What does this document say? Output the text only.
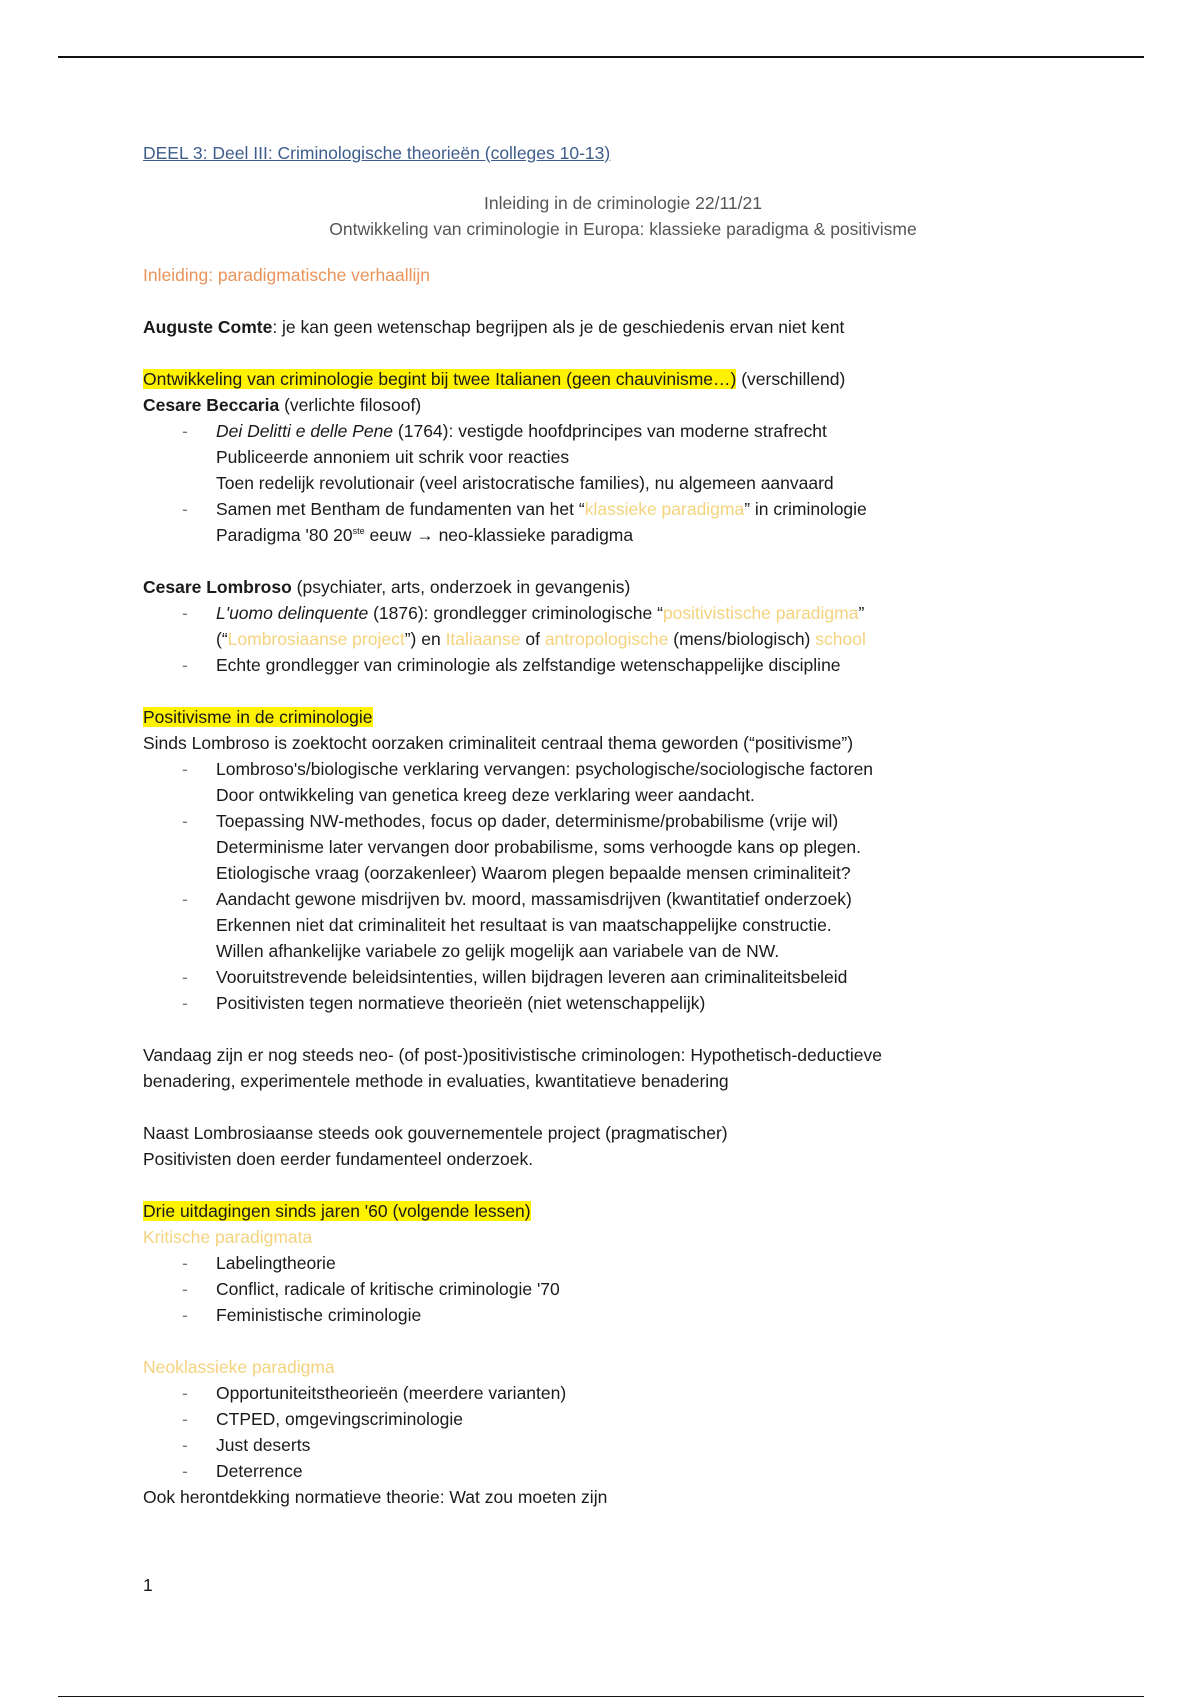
DEEL 3: Deel III: Criminologische theorieën (colleges 10-13)

Inleiding in de criminologie 22/11/21

Ontwikkeling van criminologie in Europa: klassieke paradigma & positivisme

Inleiding: paradigmatische verhaallijn

Auguste Comte: je kan geen wetenschap begrijpen als je de geschiedenis ervan niet kent

Ontwikkeling van criminologie begint bij twee Italianen (geen chauvinisme…) (verschillend)

Cesare Beccaria (verlichte filosoof)

- Dei Delitti e delle Pene (1764): vestigde hoofdprincipes van moderne strafrecht
Publiceerde annoniem uit schrik voor reacties
Toen redelijk revolutionair (veel aristocratische families), nu algemeen aanvaard
- Samen met Bentham de fundamenten van het “klassieke paradigma” in criminologie
Paradigma '80 20ste eeuw → neo-klassieke paradigma

Cesare Lombroso (psychiater, arts, onderzoek in gevangenis)

- L'uomo delinquente (1876): grondlegger criminologische “positivistische paradigma”
(“Lombrosiaanse project”) en Italiaanse of antropologische (mens/biologisch) school
- Echte grondlegger van criminologie als zelfstandige wetenschappelijke discipline

Positivisme in de criminologie

Sinds Lombroso is zoektocht oorzaken criminaliteit centraal thema geworden (“positivisme”)

- Lombroso's/biologische verklaring vervangen: psychologische/sociologische factoren
Door ontwikkeling van genetica kreeg deze verklaring weer aandacht.
- Toepassing NW-methodes, focus op dader, determinisme/probabilisme (vrije wil)
Determinisme later vervangen door probabilisme, soms verhoogde kans op plegen.
Etiologische vraag (oorzakenleer) Waarom plegen bepaalde mensen criminaliteit?
- Aandacht gewone misdrijven bv. moord, massamisdrijven (kwantitatief onderzoek)
Erkennen niet dat criminaliteit het resultaat is van maatschappelijke constructie.
Willen afhankelijke variabele zo gelijk mogelijk aan variabele van de NW.
- Vooruitstrevende beleidsintenties, willen bijdragen leveren aan criminaliteitsbeleid
- Positivisten tegen normatieve theorieën (niet wetenschappelijk)

Vandaag zijn er nog steeds neo- (of post-)positivistische criminologen: Hypothetisch-deductieve

benadering, experimentele methode in evaluaties, kwantitatieve benadering

Naast Lombrosiaanse steeds ook gouvernementele project (pragmatischer)

Positivisten doen eerder fundamenteel onderzoek.

Drie uitdagingen sinds jaren '60 (volgende lessen)

Kritische paradigmata

- Labelingtheorie
- Conflict, radicale of kritische criminologie '70
- Feministische criminologie

Neoklassieke paradigma

- Opportuniteitstheorieën (meerdere varianten)
- CTPED, omgevingscriminologie
- Just deserts
- Deterrence

Ook herontdekking normatieve theorie: Wat zou moeten zijn

1
